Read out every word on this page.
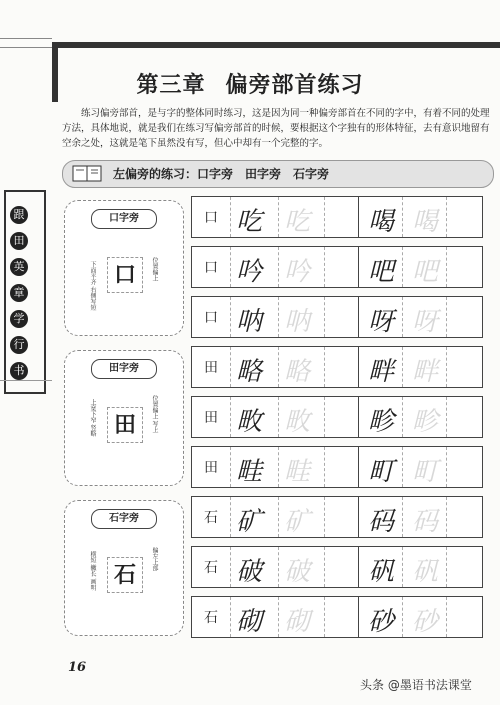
第三章 偏旁部首练习
练习偏旁部首，是与字的整体同时练习，这是因为同一种偏旁部首在不同的字中，有着不同的处理方法，具体地说，就是我们在练习写偏旁部首的时候，要根据这个字独有的形体特征，去有意识地留有空余之处，这就是笔下虽然没有写，但心中却有一个完整的字。
左偏旁的练习：口字旁　田字旁　石字旁
跟
田
英
章
学
行
书
口字旁
下面平齐 右侧写短 口	位置偏上
田字旁
上宽下窄 竖略 田	位置偏上 写上
石字旁
横短 撇长 画明 石
偏左上部
口 吃 吃 喝 喝
口 吟 吟 吧 吧
口 呐 呐 呀 呀
田 略 略 畔 畔
田 畋 畋 畛 畛
田 畦 畦 町 町
石 矿 矿 码 码
石 破 破 矾 矾
石 砌 砌 砂 砂
16
头条 @墨语书法课堂
